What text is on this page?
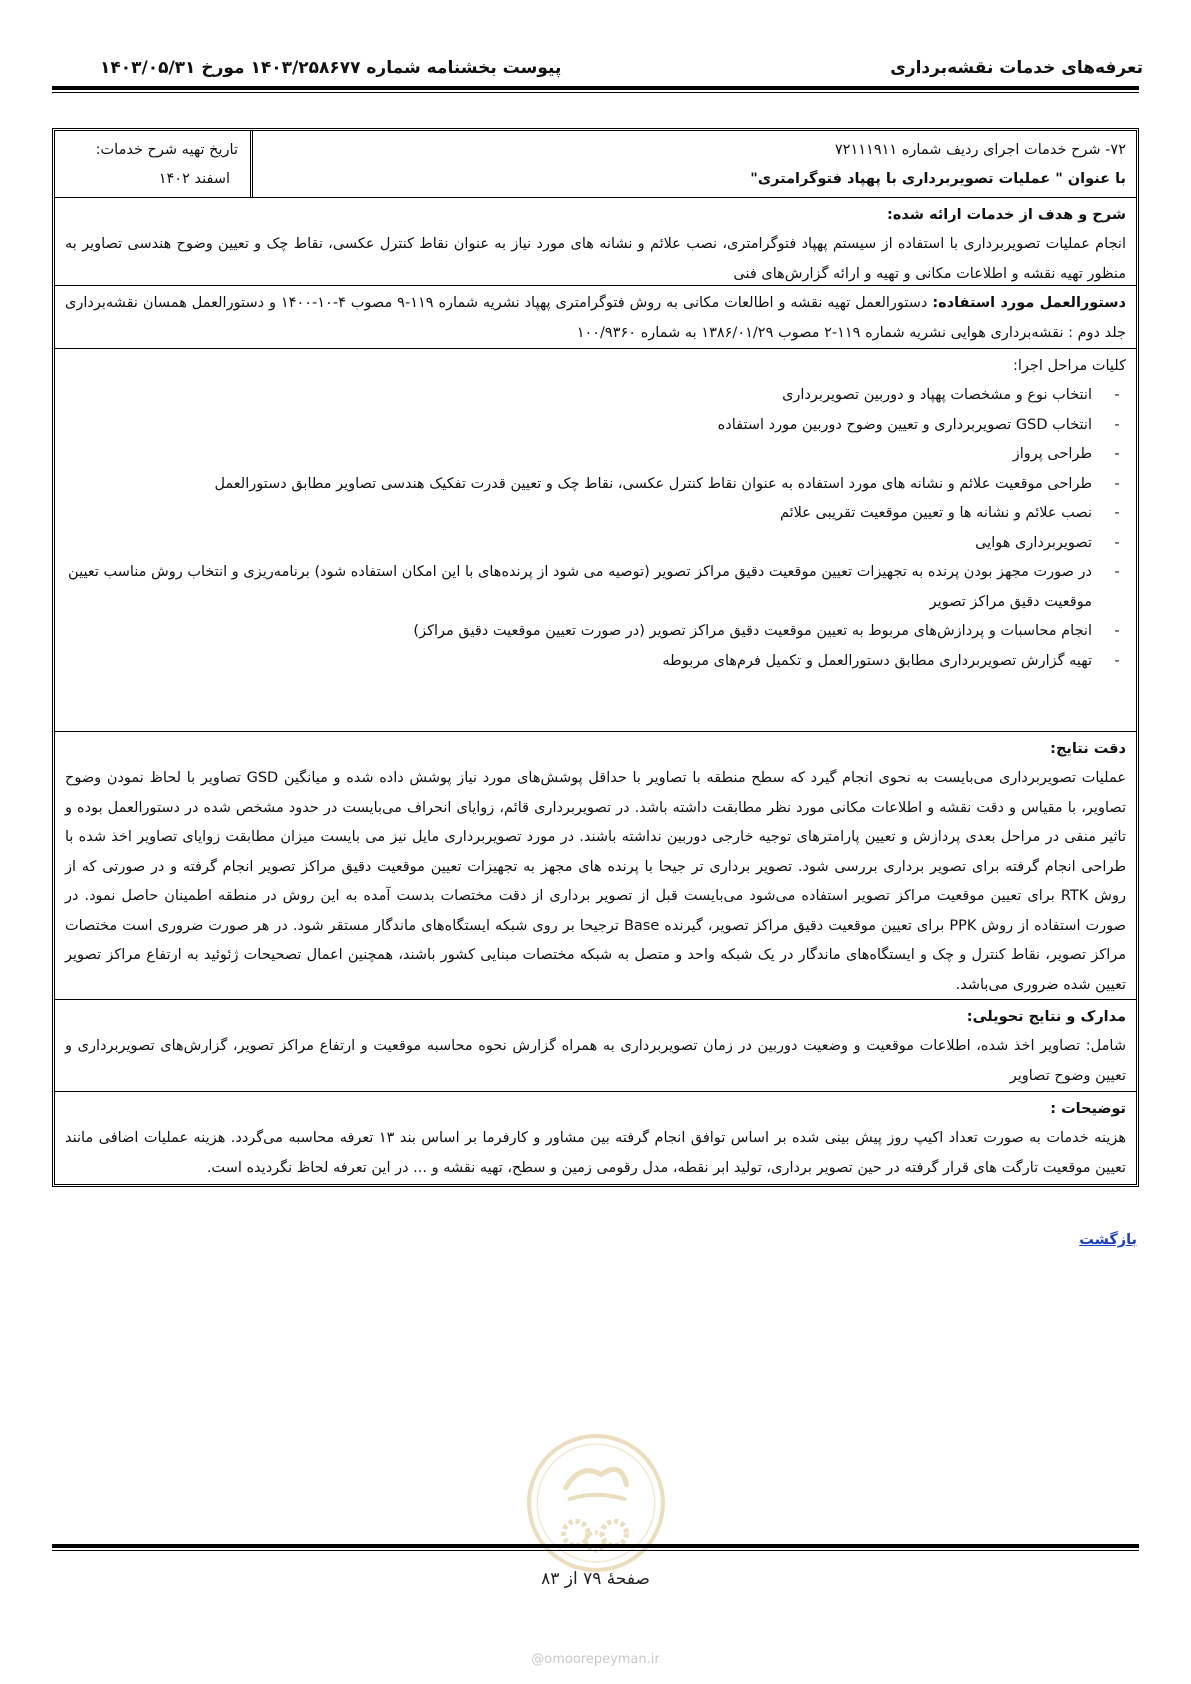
تعرفه‌های خدمات نقشه‌برداری
پیوست بخشنامه شماره ۱۴۰۳/۲۵۸۶۷۷ مورخ ۱۴۰۳/۰۵/۳۱
۷۲- شرح خدمات اجرای ردیف شماره ۷۲۱۱۱۹۱۱
با عنوان " عملیات تصویربرداری با پهپاد فتوگرامتری"
تاریخ تهیه شرح خدمات:
اسفند ۱۴۰۲
شرح و هدف از خدمات ارائه شده:
انجام عملیات تصویربرداری با استفاده از سیستم پهپاد فتوگرامتری، نصب علائم و نشانه های مورد نیاز به عنوان نقاط کنترل عکسی، نقاط چک و تعیین وضوح هندسی تصاویر به منظور تهیه نقشه و اطلاعات مکانی و تهیه و ارائه گزارش‌های فنی
دستورالعمل مورد استفاده: دستورالعمل تهیه نقشه و اطالعات مکانی به روش فتوگرامتری پهپاد نشریه شماره ۱۱۹-۹ مصوب ۴-۱۰-۱۴۰۰ و دستورالعمل همسان نقشه‌برداری جلد دوم : نقشه‌برداری هوایی نشریه شماره ۱۱۹-۲ مصوب ۱۳۸۶/۰۱/۲۹ به شماره ۱۰۰/۹۳۶۰
کلیات مراحل اجرا:
-
انتخاب نوع و مشخصات پهپاد و دوربین تصویربرداری
-
انتخاب GSD تصویربرداری و تعیین وضوح دوربین مورد استفاده
-
طراحی پرواز
-
طراحی موقعیت علائم و نشانه های مورد استفاده به عنوان نقاط کنترل عکسی، نقاط چک و تعیین قدرت تفکیک هندسی تصاویر مطابق دستورالعمل
-
نصب علائم و نشانه ها و تعیین موقعیت تقریبی علائم
-
تصویربرداری هوایی
-
در صورت مجهز بودن پرنده به تجهیزات تعیین موقعیت دقیق مراکز تصویر (توصیه می شود از پرنده‌های با این امکان استفاده شود) برنامه‌ریزی و انتخاب روش مناسب تعیین موقعیت دقیق مراکز تصویر
-
انجام محاسبات و پردازش‌های مربوط به تعیین موقعیت دقیق مراکز تصویر (در صورت تعیین موقعیت دقیق مراکز)
-
تهیه گزارش تصویربرداری مطابق دستورالعمل و تکمیل فرم‌های مربوطه
دقت نتایج:
عملیات تصویربرداری می‌بایست به نحوی انجام گیرد که سطح منطقه با تصاویر با حداقل پوشش‌های مورد نیاز پوشش داده شده و میانگین GSD تصاویر با لحاظ نمودن وضوح تصاویر، با مقیاس و دقت نقشه و اطلاعات مکانی مورد نظر مطابقت داشته باشد. در تصویربرداری قائم، زوایای انحراف می‌بایست در حدود مشخص شده در دستورالعمل بوده و تاثیر منفی در مراحل بعدی پردازش و تعیین پارامترهای توجیه خارجی دوربین نداشته باشند. در مورد تصویربرداری مایل نیز می بایست میزان مطابقت زوایای تصاویر اخذ شده با طراحی انجام گرفته برای تصویر برداری بررسی شود. تصویر برداری تر جیحا با پرنده های مجهز به تجهیزات تعیین موقعیت دقیق مراکز تصویر انجام گرفته و در صورتی که از روش RTK برای تعیین موقعیت مراکز تصویر استفاده می‌شود می‌بایست قبل از تصویر برداری از دقت مختصات بدست آمده به این روش در منطقه اطمینان حاصل نمود. در صورت استفاده از روش PPK برای تعیین موقعیت دقیق مراکز تصویر، گیرنده Base ترجیحا بر روی شبکه ایستگاه‌های ماندگار مستقر شود. در هر صورت ضروری است مختصات مراکز تصویر، نقاط کنترل و چک و ایستگاه‌های ماندگار در یک شبکه واحد و متصل به شبکه مختصات مبنایی کشور باشند، همچنین اعمال تصحیحات ژئوئید به ارتفاع مراکز تصویر تعیین شده ضروری می‌باشد.
مدارک و نتایج تحویلی:
شامل: تصاویر اخذ شده، اطلاعات موقعیت و وضعیت دوربین در زمان تصویربرداری به همراه گزارش نحوه محاسبه موقعیت و ارتفاع مراکز تصویر، گزارش‌های تصویربرداری و تعیین وضوح تصاویر
توضیحات :
هزینه خدمات به صورت تعداد اکیپ روز پیش بینی شده بر اساس توافق انجام گرفته بین مشاور و کارفرما بر اساس بند ۱۳ تعرفه محاسبه می‌گردد. هزینه عملیات اضافی مانند تعیین موقعیت تارگت های قرار گرفته در حین تصویر برداری، تولید ابر نقطه، مدل رقومی زمین و سطح، تهیه نقشه و ... در این تعرفه لحاظ نگردیده است.
بازگشت
صفحهٔ ۷۹ از ۸۳
@omoorepeyman.ir
